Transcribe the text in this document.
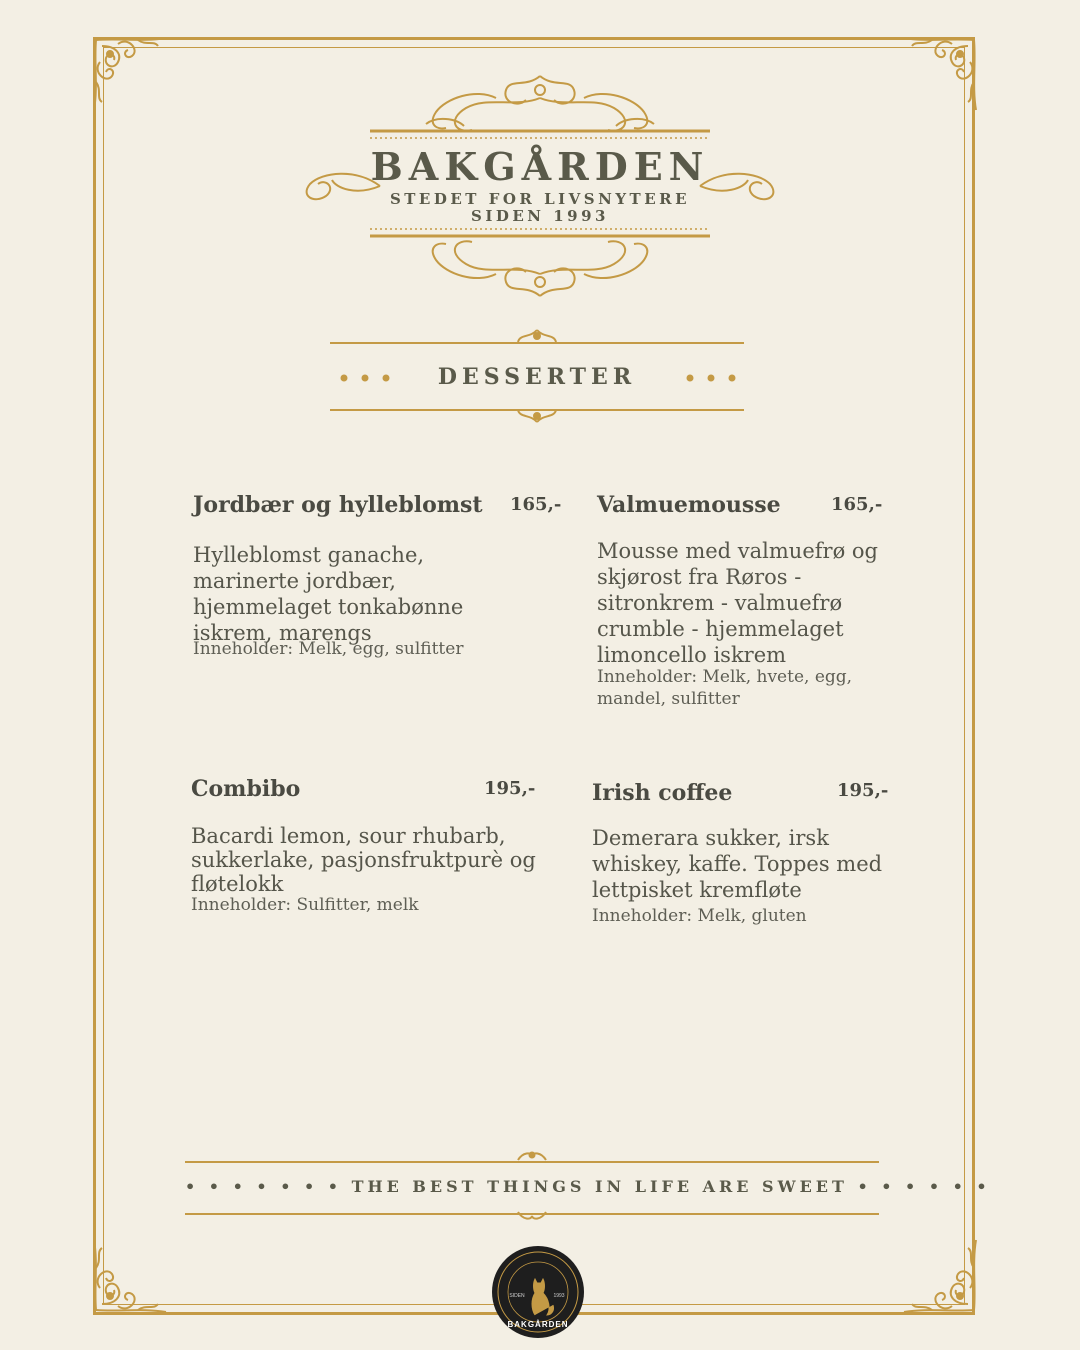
BAKGÅRDEN
STEDET FOR LIVSNYTERE
SIDEN 1993
DESSERTER
Jordbær og hylleblomst 165,-
Hylleblomst ganache, marinerte jordbær, hjemmelaget tonkabønne iskrem, marengs
Inneholder: Melk, egg, sulfitter
Valmuemousse	165,-
Mousse med valmuefrø og skjørost fra Røros - sitronkrem - valmuefrø crumble - hjemmelaget limoncello iskrem
Inneholder: Melk, hvete, egg, mandel, sulfitter
Combibo	195,-
Bacardi lemon, sour rhubarb, sukkerlake, pasjonsfruktpurè og fløtelokk
Inneholder: Sulfitter, melk
Irish coffee	195,-
Demerara sukker, irsk whiskey, kaffe. Toppes med lettpisket kremfløte
Inneholder: Melk, gluten
• • • • • • • THE BEST THINGS IN LIFE ARE SWEET • • • • • •
SIDEN	1993
BAKGÅRDEN
